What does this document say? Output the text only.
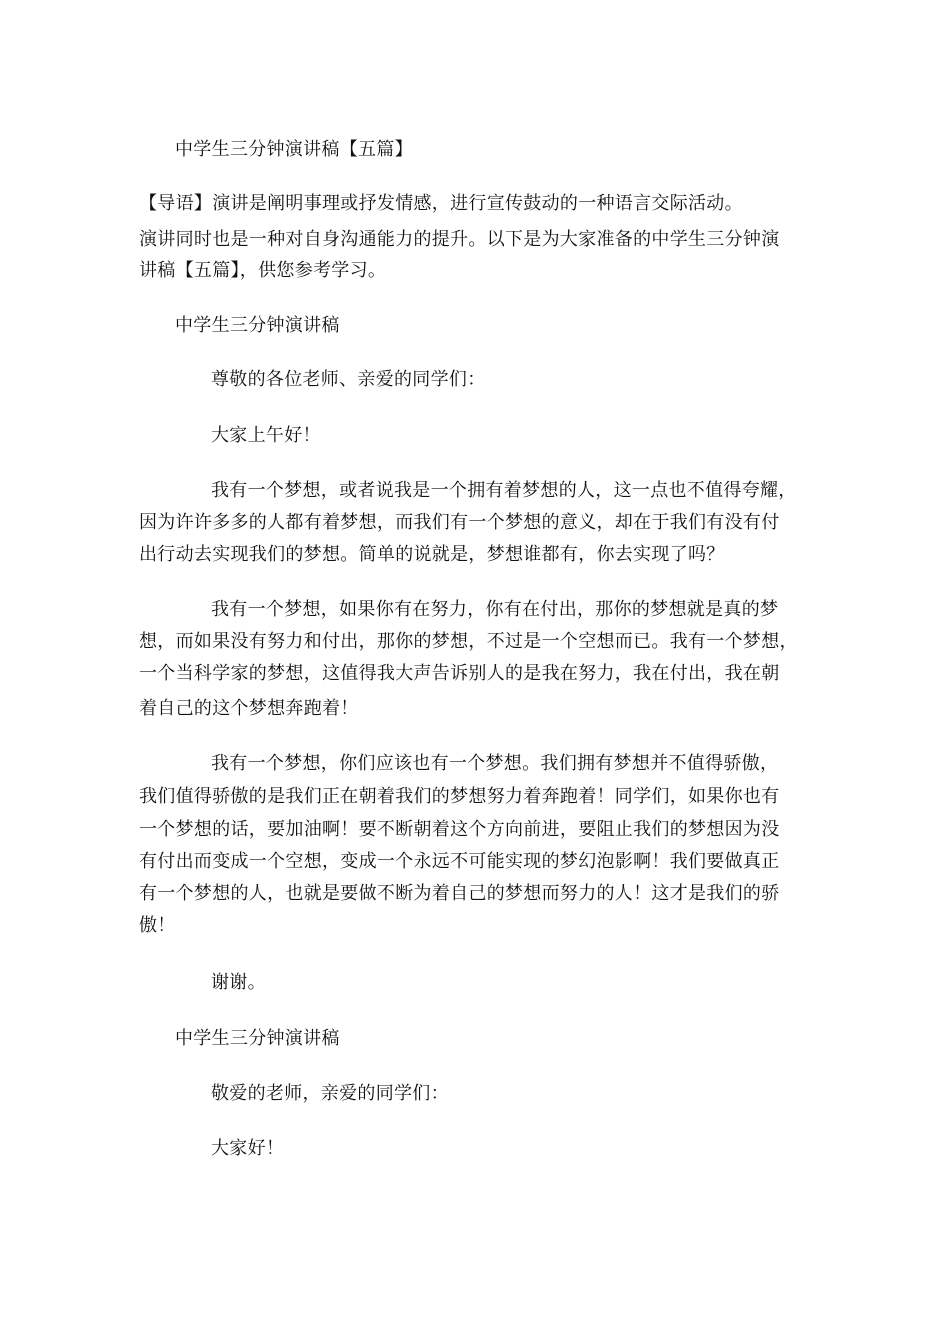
中学生三分钟演讲稿【五篇】
【导语】演讲是阐明事理或抒发情感，进行宣传鼓动的一种语言交际活动。
演讲同时也是一种对自身沟通能力的提升。以下是为大家准备的中学生三分钟演
讲稿【五篇】，供您参考学习。
中学生三分钟演讲稿
尊敬的各位老师、亲爱的同学们：
大家上午好！
我有一个梦想，或者说我是一个拥有着梦想的人，这一点也不值得夸耀，
因为许许多多的人都有着梦想，而我们有一个梦想的意义，却在于我们有没有付
出行动去实现我们的梦想。简单的说就是，梦想谁都有，你去实现了吗？
我有一个梦想，如果你有在努力，你有在付出，那你的梦想就是真的梦
想，而如果没有努力和付出，那你的梦想，不过是一个空想而已。我有一个梦想，
一个当科学家的梦想，这值得我大声告诉别人的是我在努力，我在付出，我在朝
着自己的这个梦想奔跑着！
我有一个梦想，你们应该也有一个梦想。我们拥有梦想并不值得骄傲，
我们值得骄傲的是我们正在朝着我们的梦想努力着奔跑着！同学们，如果你也有
一个梦想的话，要加油啊！要不断朝着这个方向前进，要阻止我们的梦想因为没
有付出而变成一个空想，变成一个永远不可能实现的梦幻泡影啊！我们要做真正
有一个梦想的人，也就是要做不断为着自己的梦想而努力的人！这才是我们的骄
傲！
谢谢。
中学生三分钟演讲稿
敬爱的老师，亲爱的同学们：
大家好！
